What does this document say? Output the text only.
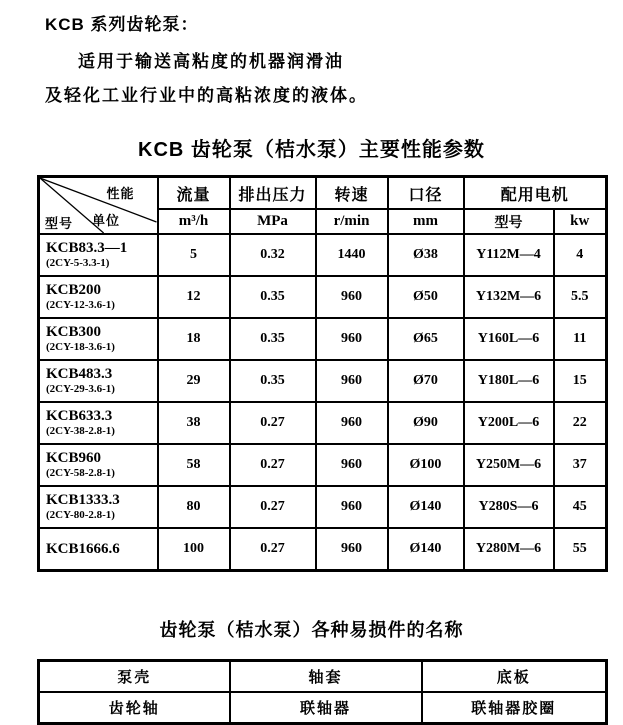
KCB 系列齿轮泵：
适用于输送高粘度的机器润滑油
及轻化工业行业中的高粘浓度的液体。
KCB 齿轮泵（桔水泵）主要性能参数
性能
单位
型号	流量	排出压力	转速	口径	配用电机	
	m³/h	MPa	r/min	mm	型号	kw

KCB83.3—1
(2CY-5-3.3-1)	5	0.32	1440	Ø38	Y112M—4	4

KCB200
(2CY-12-3.6-1)	12	0.35	960	Ø50	Y132M—6	5.5

KCB300
(2CY-18-3.6-1)	18	0.35	960	Ø65	Y160L—6	11

KCB483.3
(2CY-29-3.6-1)	29	0.35	960	Ø70	Y180L—6	15

KCB633.3
(2CY-38-2.8-1)	38	0.27	960	Ø90	Y200L—6	22

KCB960
(2CY-58-2.8-1)	58	0.27	960	Ø100	Y250M—6	37

KCB1333.3
(2CY-80-2.8-1)	80	0.27	960	Ø140	Y280S—6	45

KCB1666.6	100	0.27	960	Ø140	Y280M—6	55
齿轮泵（桔水泵）各种易损件的名称
泵壳	轴套	底板
齿轮轴	联轴器	联轴器胶圈
